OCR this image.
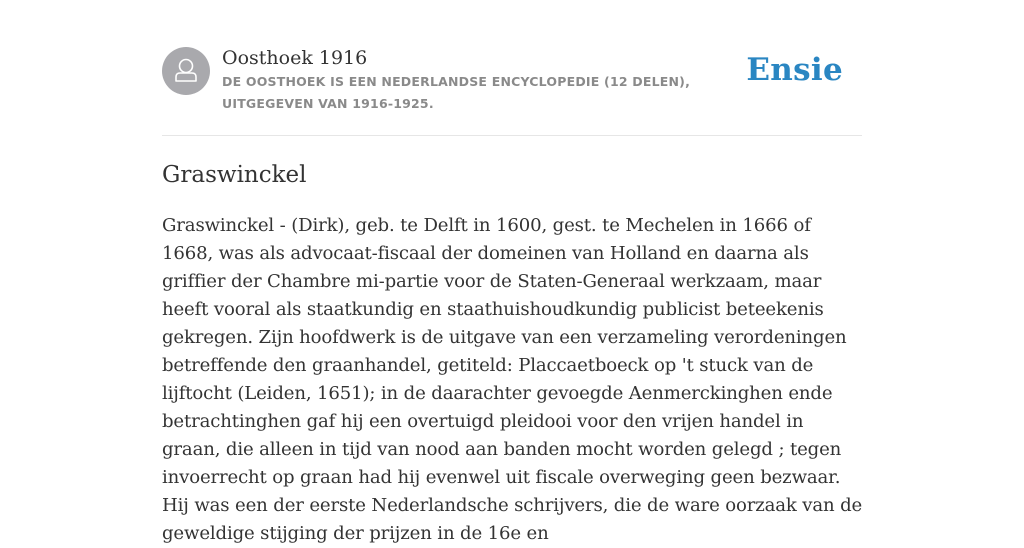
Oosthoek 1916
DE OOSTHOEK IS EEN NEDERLANDSE ENCYCLOPEDIE (12 DELEN), UITGEGEVEN VAN 1916-1925.
Ensie
Graswinckel

Graswinckel - (Dirk), geb. te Delft in 1600, gest. te Mechelen in 1666 of 1668, was als advocaat-fiscaal der domeinen van Holland en daarna als griffier der Chambre mi-partie voor de Staten-Generaal werkzaam, maar heeft vooral als staatkundig en staathuishoudkundig publicist beteekenis gekregen. Zijn hoofdwerk is de uitgave van een verzameling verordeningen betreffende den graanhandel, getiteld: Placcaetboeck op 't stuck van de lijftocht (Leiden, 1651); in de daarachter gevoegde Aenmerckinghen ende betrachtinghen gaf hij een overtuigd pleidooi voor den vrijen handel in graan, die alleen in tijd van nood aan banden mocht worden gelegd ; tegen invoerrecht op graan had hij evenwel uit fiscale overweging geen bezwaar. Hij was een der eerste Nederlandsche schrijvers, die de ware oorzaak van de geweldige stijging der prijzen in de 16e en
